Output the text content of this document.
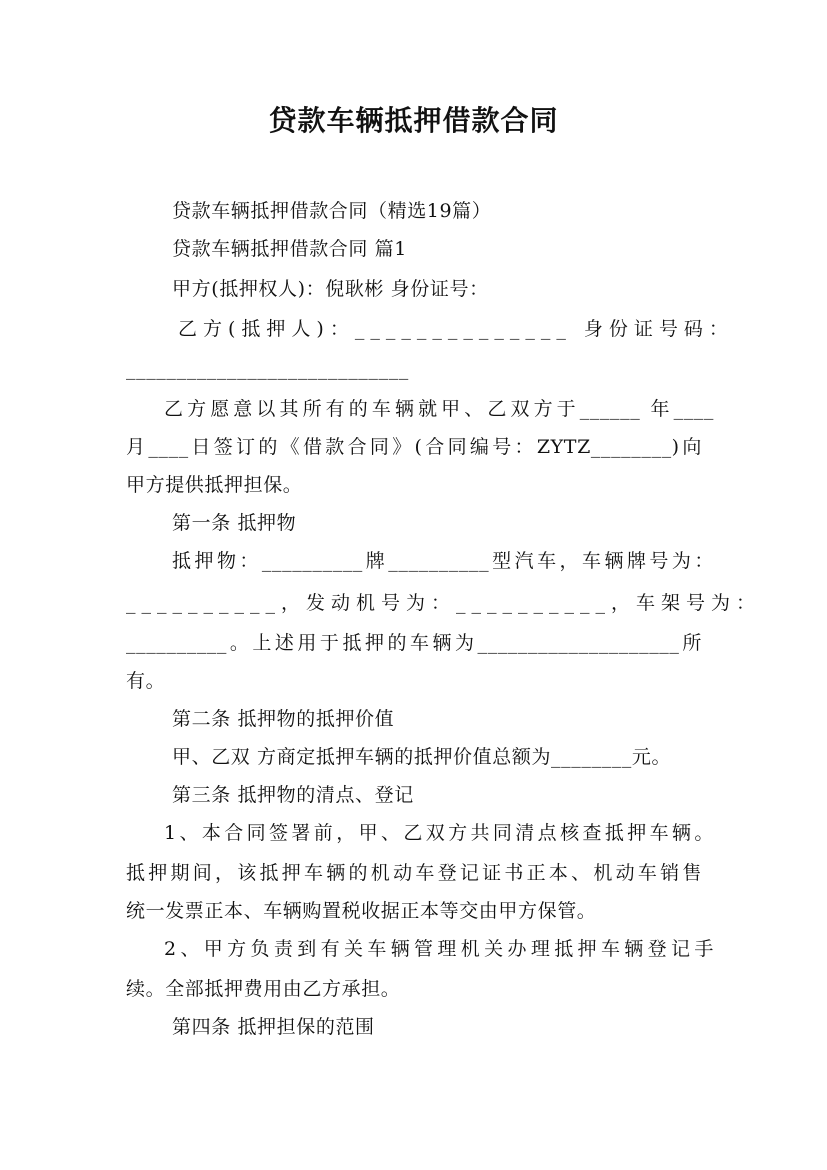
贷款车辆抵押借款合同
贷款车辆抵押借款合同（精选19篇）
贷款车辆抵押借款合同 篇1
甲方(抵押权人)：倪耿彬 身份证号：
乙方(抵押人)：______________ 身份证号码：
____________________________
乙方愿意以其所有的车辆就甲、乙双方于______ 年____
月____日签订的《借款合同》(合同编号：ZYTZ________)向
甲方提供抵押担保。
第一条 抵押物
抵押物：__________牌__________型汽车，车辆牌号为：
__________，发动机号为：__________，车架号为：
__________。上述用于抵押的车辆为____________________所
有。
第二条 抵押物的抵押价值
甲、乙双 方商定抵押车辆的抵押价值总额为________元。
第三条 抵押物的清点、登记
1、本合同签署前，甲、乙双方共同清点核查抵押车辆。
抵押期间，该抵押车辆的机动车登记证书正本、机动车销售
统一发票正本、车辆购置税收据正本等交由甲方保管。
2、甲方负责到有关车辆管理机关办理抵押车辆登记手
续。全部抵押费用由乙方承担。
第四条 抵押担保的范围
